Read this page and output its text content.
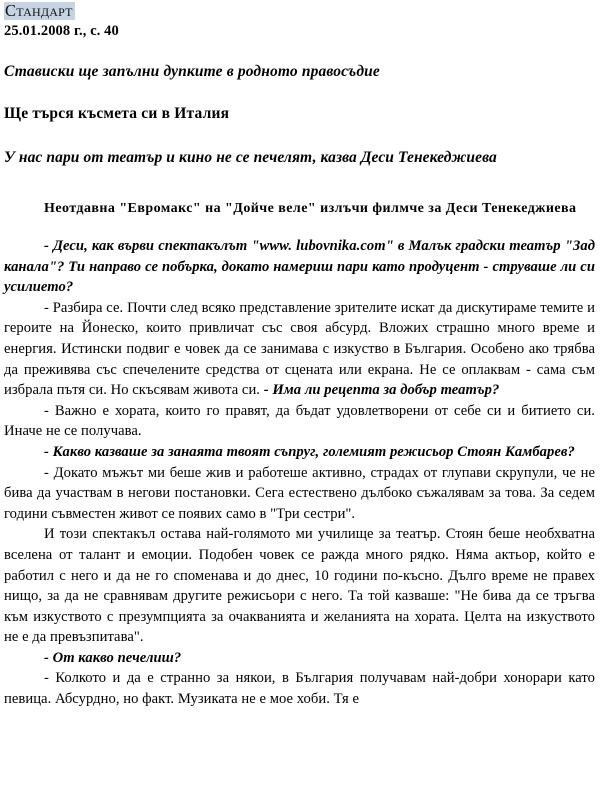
Стандарт
25.01.2008 г., с. 40
Стависки ще запълни дупките в родното правосъдие
Ще търся късмета си в Италия
У нас пари от театър и кино не се печелят, казва Деси Тенекеджиева
Неотдавна "Евромакс" на "Дойче веле" излъчи филмче за Деси Тенекеджиева

- Деси, как върви спектакълът "www. lubovnika.com" в Малък градски театър "Зад канала"? Ти направо се побърка, докато намериш пари като продуцент - струваше ли си усилието?

- Разбира се. Почти след всяко представление зрителите искат да дискутираме темите и героите на Йонеско, които привличат със своя абсурд. Вложих страшно много време и енергия. Истински подвиг е човек да се занимава с изкуство в България. Особено ако трябва да преживява със спечелените средства от сцената или екрана. Не се оплаквам - сама съм избрала пътя си. Но скъсявам живота си. - Има ли рецепта за добър театър?

- Важно е хората, които го правят, да бъдат удовлетворени от себе си и битието си. Иначе не се получава.

- Какво казваше за занаята твоят съпруг, големият режисьор Стоян Камбарев?

- Докато мъжът ми беше жив и работеше активно, страдах от глупави скрупули, че не бива да участвам в негови постановки. Сега естествено дълбоко съжалявам за това. За седем години съвместен живот се появих само в "Три сестри".

И този спектакъл остава най-голямото ми училище за театър. Стоян беше необхватна вселена от талант и емоции. Подобен човек се ражда много рядко. Няма актьор, който е работил с него и да не го споменава и до днес, 10 години по-късно. Дълго време не правех нищо, за да не сравнявам другите режисьори с него. Та той казваше: "Не бива да се тръгва към изкуството с презумпцията за очакванията и желанията на хората. Целта на изкуството не е да превъзпитава".

- От какво печелиш?

- Колкото и да е странно за някои, в България получавам най-добри хонорари като певица. Абсурдно, но факт. Музиката не е мое хоби. Тя е
